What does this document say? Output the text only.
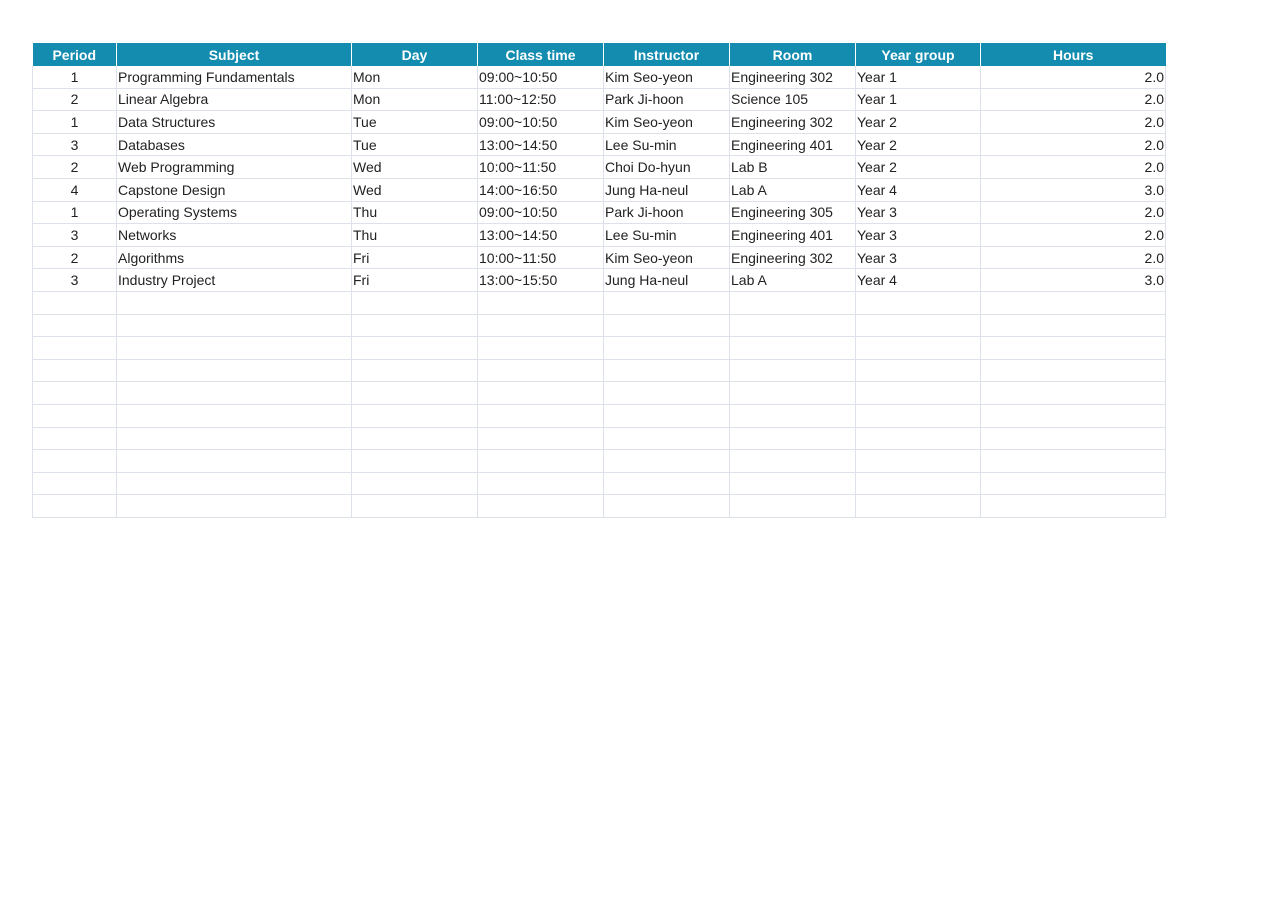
Period	Subject	Day	Class time	Instructor	Room	Year group	Hours
1	Programming Fundamentals	Mon	09:00~10:50	Kim Seo-yeon	Engineering 302	Year 1	2.0
2	Linear Algebra	Mon	11:00~12:50	Park Ji-hoon	Science 105	Year 1	2.0
1	Data Structures	Tue	09:00~10:50	Kim Seo-yeon	Engineering 302	Year 2	2.0
3	Databases	Tue	13:00~14:50	Lee Su-min	Engineering 401	Year 2	2.0
2	Web Programming	Wed	10:00~11:50	Choi Do-hyun	Lab B	Year 2	2.0
4	Capstone Design	Wed	14:00~16:50	Jung Ha-neul	Lab A	Year 4	3.0
1	Operating Systems	Thu	09:00~10:50	Park Ji-hoon	Engineering 305	Year 3	2.0
3	Networks	Thu	13:00~14:50	Lee Su-min	Engineering 401	Year 3	2.0
2	Algorithms	Fri	10:00~11:50	Kim Seo-yeon	Engineering 302	Year 3	2.0
3	Industry Project	Fri	13:00~15:50	Jung Ha-neul	Lab A	Year 4	3.0
